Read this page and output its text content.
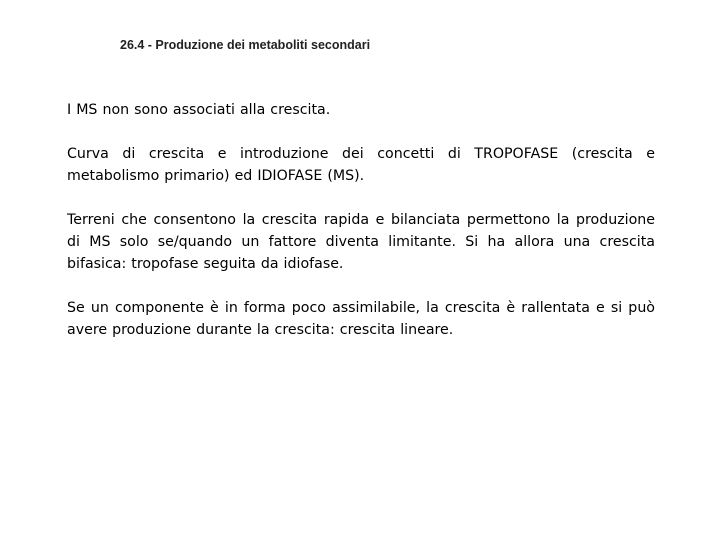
26.4 - Produzione dei metaboliti secondari

I MS non sono associati alla crescita.

Curva di crescita e introduzione dei concetti di TROPOFASE (crescita e metabolismo primario) ed IDIOFASE (MS).

Terreni che consentono la crescita rapida e bilanciata permettono la produzione di MS solo se/quando un fattore diventa limitante. Si ha allora una crescita bifasica: tropofase seguita da idiofase.

Se un componente è in forma poco assimilabile, la crescita è rallentata e si può avere produzione durante la crescita: crescita lineare.
